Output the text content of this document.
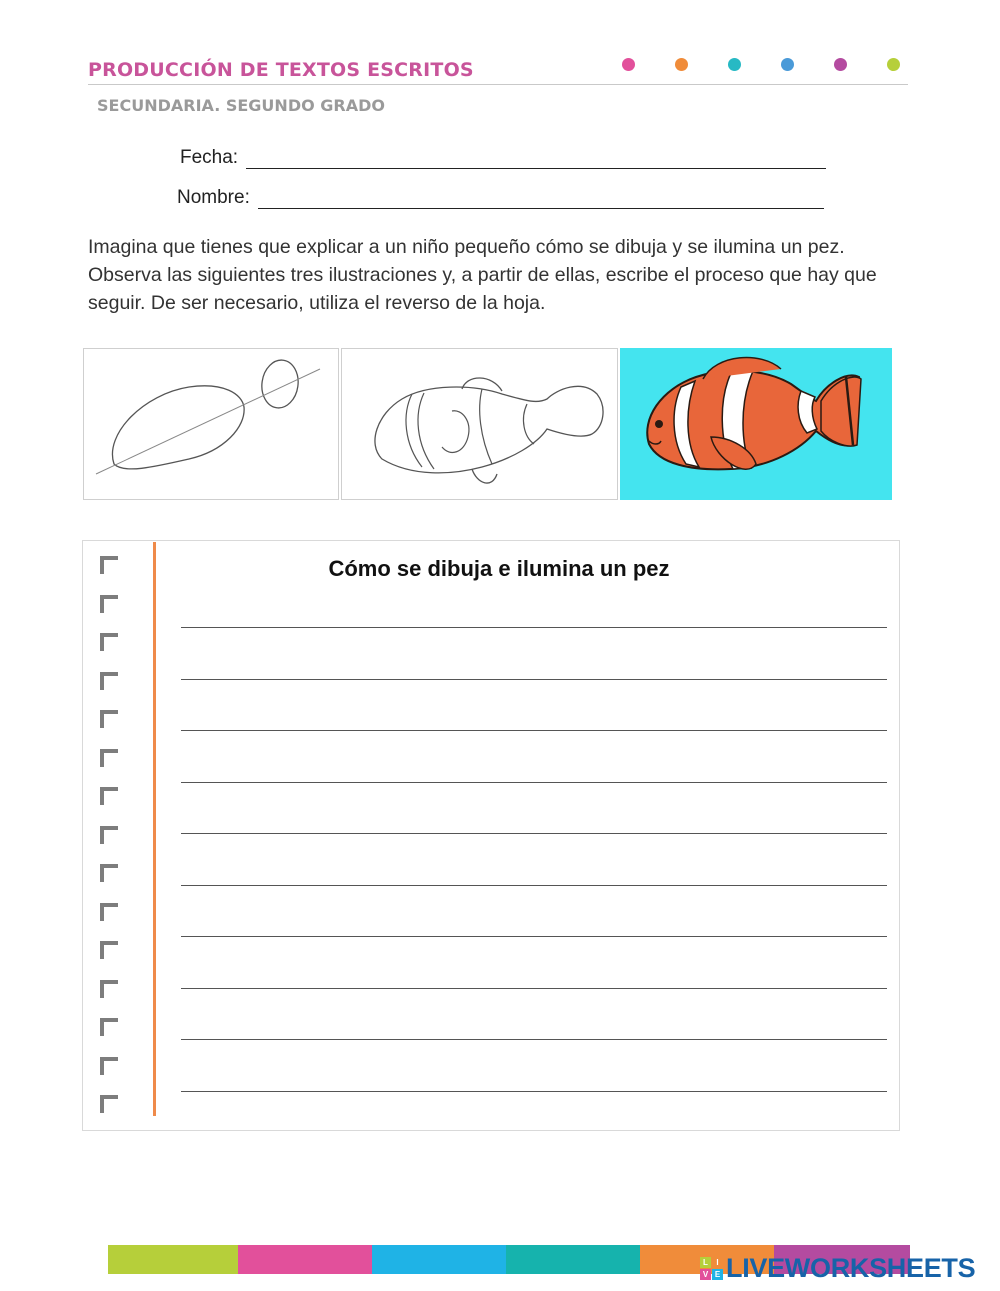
PRODUCCIÓN DE TEXTOS ESCRITOS
SECUNDARIA. SEGUNDO GRADO
Fecha:
Nombre:
Imagina que tienes que explicar a un niño pequeño cómo se dibuja y se ilumina un pez. Observa las siguientes tres ilustraciones y, a partir de ellas, escribe el proceso que hay que seguir. De ser necesario, utiliza el reverso de la hoja.
Cómo se dibuja e ilumina un pez
L	I
V E LIVEWORKSHEETS
